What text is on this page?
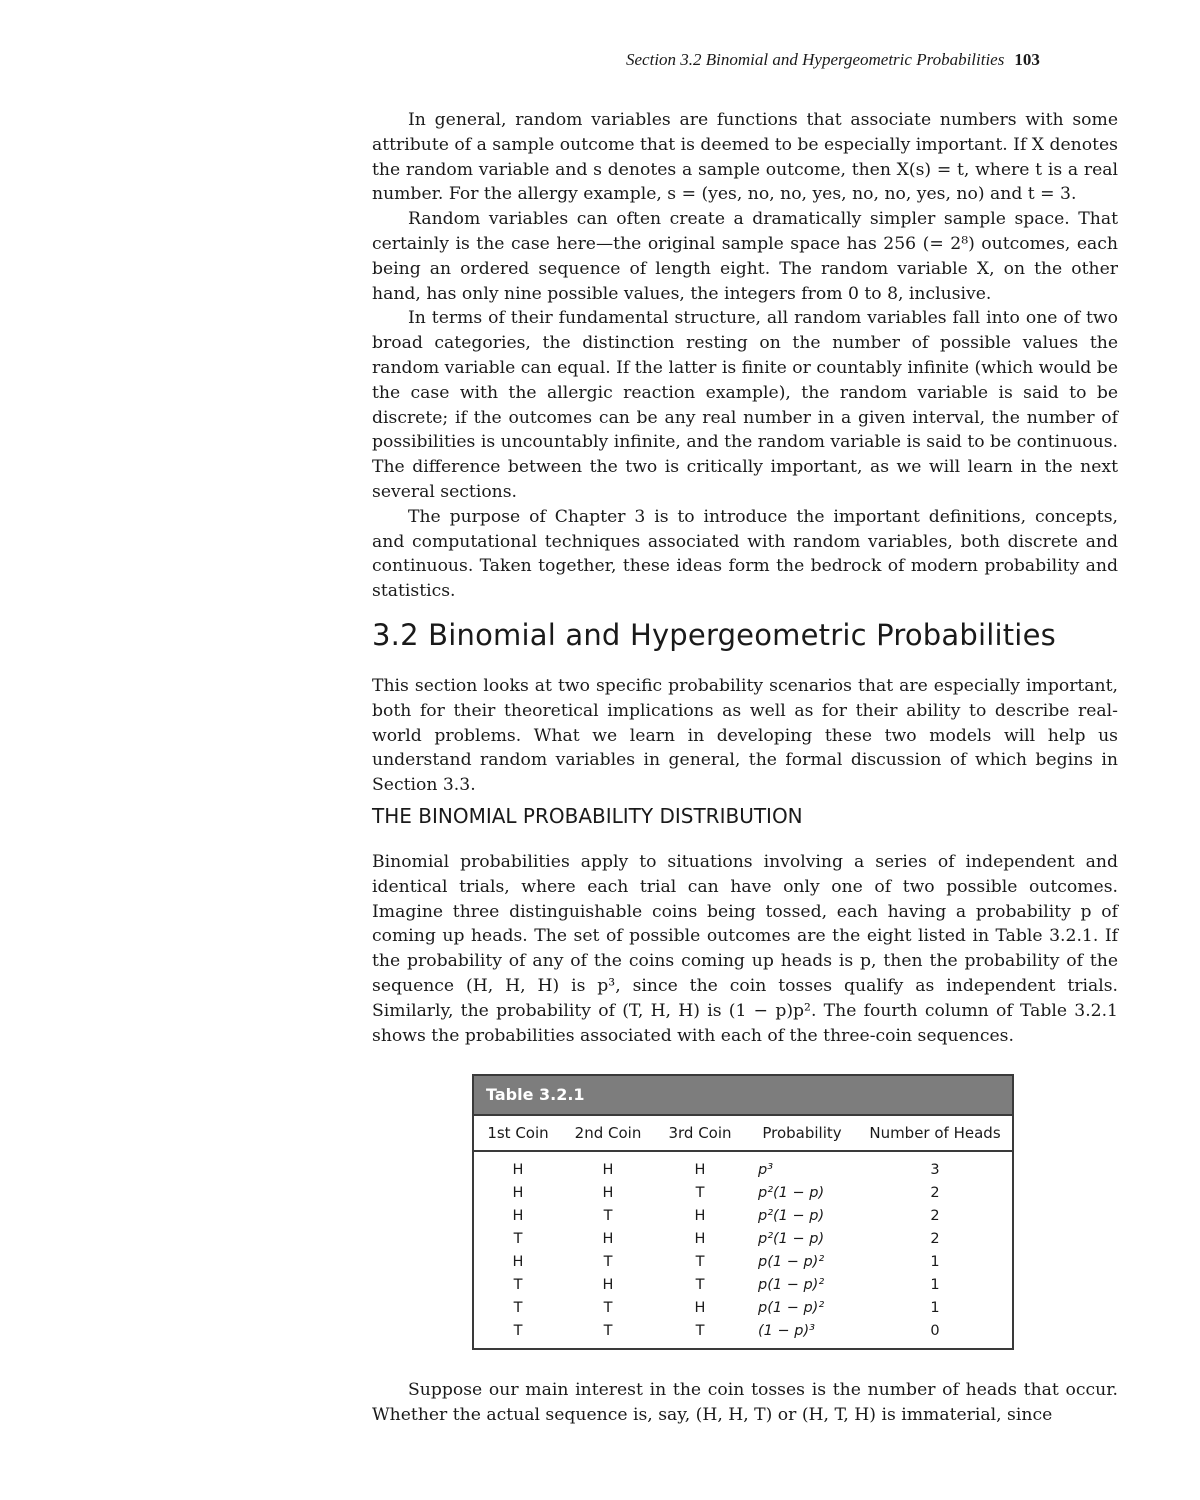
Section 3.2 Binomial and Hypergeometric Probabilities 103

In general, random variables are functions that associate numbers with some attribute of a sample outcome that is deemed to be especially important. If X denotes the random variable and s denotes a sample outcome, then X(s) = t, where t is a real number. For the allergy example, s = (yes, no, no, yes, no, no, yes, no) and t = 3.

Random variables can often create a dramatically simpler sample space. That certainly is the case here—the original sample space has 256 (= 2⁸) outcomes, each being an ordered sequence of length eight. The random variable X, on the other hand, has only nine possible values, the integers from 0 to 8, inclusive.

In terms of their fundamental structure, all random variables fall into one of two broad categories, the distinction resting on the number of possible values the random variable can equal. If the latter is finite or countably infinite (which would be the case with the allergic reaction example), the random variable is said to be discrete; if the outcomes can be any real number in a given interval, the number of possibilities is uncountably infinite, and the random variable is said to be continuous. The difference between the two is critically important, as we will learn in the next several sections.

The purpose of Chapter 3 is to introduce the important definitions, concepts, and computational techniques associated with random variables, both discrete and continuous. Taken together, these ideas form the bedrock of modern probability and statistics.

3.2 Binomial and Hypergeometric Probabilities

This section looks at two specific probability scenarios that are especially important, both for their theoretical implications as well as for their ability to describe real-world problems. What we learn in developing these two models will help us understand random variables in general, the formal discussion of which begins in Section 3.3.

THE BINOMIAL PROBABILITY DISTRIBUTION

Binomial probabilities apply to situations involving a series of independent and identical trials, where each trial can have only one of two possible outcomes. Imagine three distinguishable coins being tossed, each having a probability p of coming up heads. The set of possible outcomes are the eight listed in Table 3.2.1. If the probability of any of the coins coming up heads is p, then the probability of the sequence (H, H, H) is p³, since the coin tosses qualify as independent trials. Similarly, the probability of (T, H, H) is (1 − p)p². The fourth column of Table 3.2.1 shows the probabilities associated with each of the three-coin sequences.

Table 3.2.1
1st Coin	2nd Coin	3rd Coin	Probability	Number of Heads
H	H	H	p³	3
H	H	T	p²(1 − p)	2
H	T	H	p²(1 − p)	2
T	H	H	p²(1 − p)	2
H	T	T	p(1 − p)²	1
T	H	T	p(1 − p)²	1
T	T	H	p(1 − p)²	1
T	T	T	(1 − p)³	0

Suppose our main interest in the coin tosses is the number of heads that occur. Whether the actual sequence is, say, (H, H, T) or (H, T, H) is immaterial, since
